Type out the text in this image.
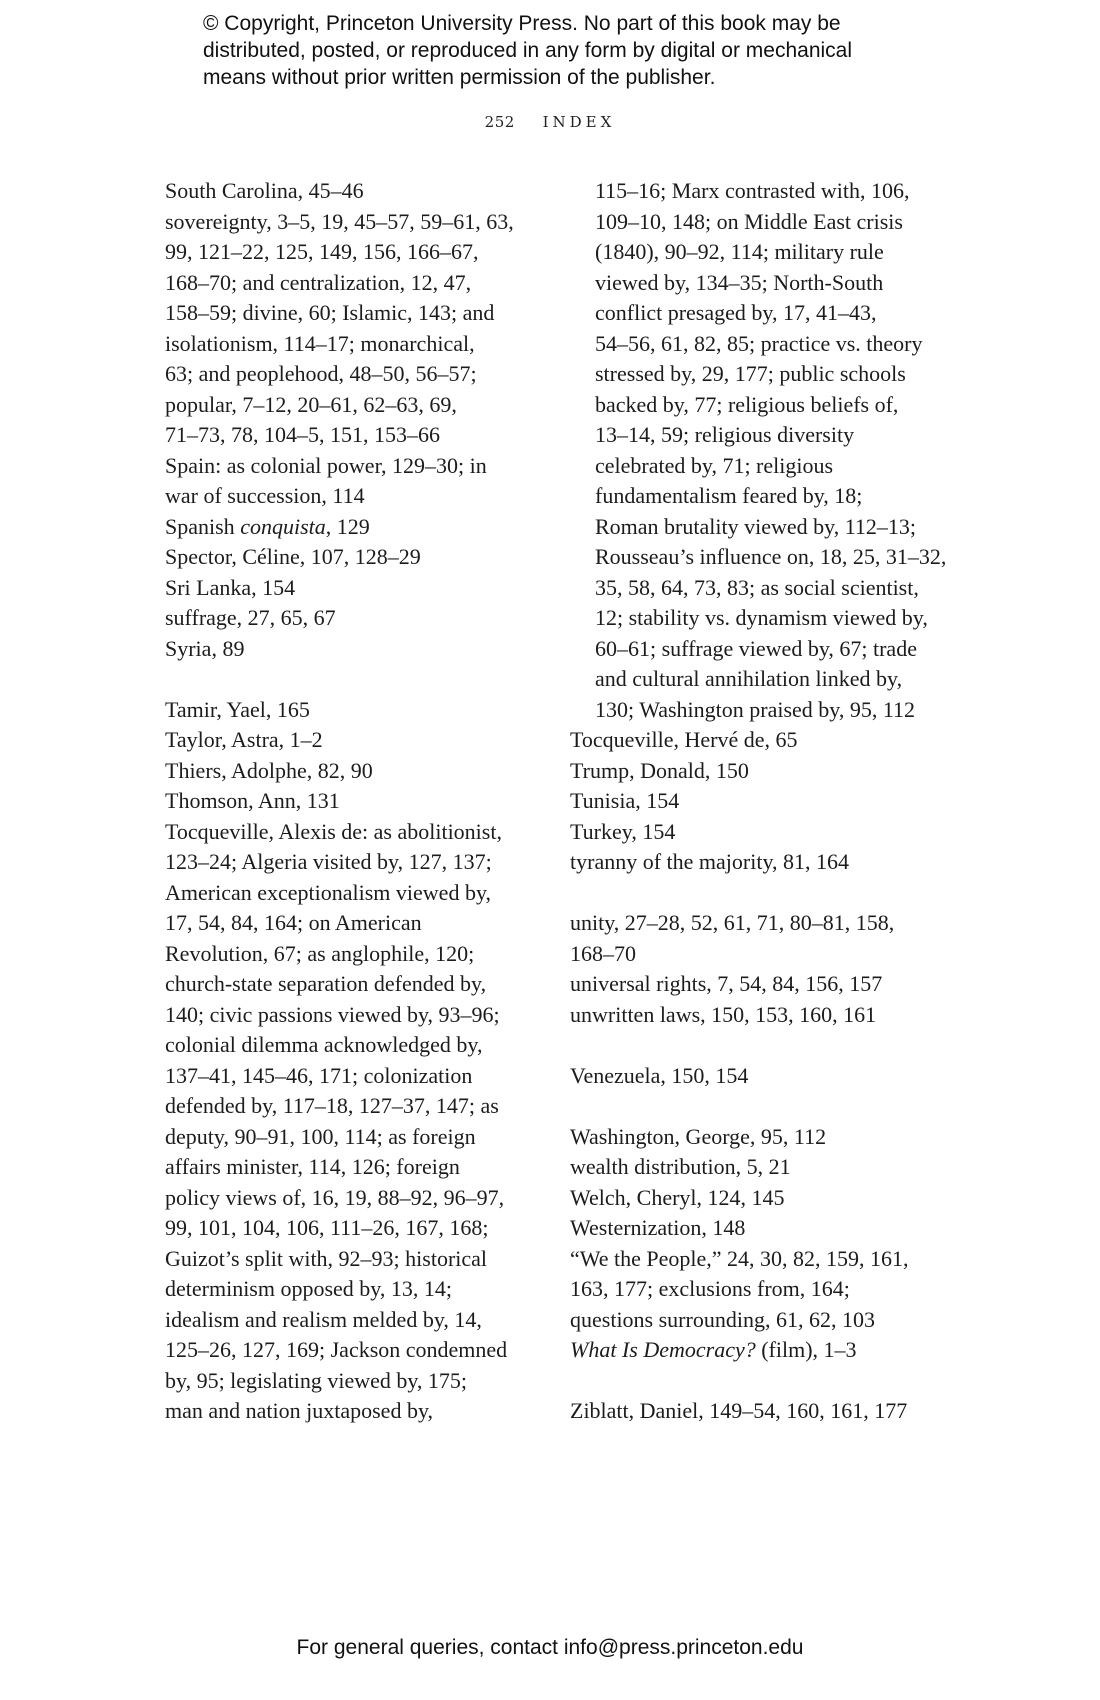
© Copyright, Princeton University Press. No part of this book may be
distributed, posted, or reproduced in any form by digital or mechanical
means without prior written permission of the publisher.
252 INDEX
South Carolina, 45–46
sovereignty, 3–5, 19, 45–57, 59–61, 63,
99, 121–22, 125, 149, 156, 166–67,
168–70; and centralization, 12, 47,
158–59; divine, 60; Islamic, 143; and
isolationism, 114–17; monarchical,
63; and peoplehood, 48–50, 56–57;
popular, 7–12, 20–61, 62–63, 69,
71–73, 78, 104–5, 151, 153–66
Spain: as colonial power, 129–30; in
war of succession, 114
Spanish conquista, 129
Spector, Céline, 107, 128–29
Sri Lanka, 154
suffrage, 27, 65, 67
Syria, 89
Tamir, Yael, 165
Taylor, Astra, 1–2
Thiers, Adolphe, 82, 90
Thomson, Ann, 131
Tocqueville, Alexis de: as abolitionist,
123–24; Algeria visited by, 127, 137;
American exceptionalism viewed by,
17, 54, 84, 164; on American
Revolution, 67; as anglophile, 120;
church-state separation defended by,
140; civic passions viewed by, 93–96;
colonial dilemma acknowledged by,
137–41, 145–46, 171; colonization
defended by, 117–18, 127–37, 147; as
deputy, 90–91, 100, 114; as foreign
affairs minister, 114, 126; foreign
policy views of, 16, 19, 88–92, 96–97,
99, 101, 104, 106, 111–26, 167, 168;
Guizot’s split with, 92–93; historical
determinism opposed by, 13, 14;
idealism and realism melded by, 14,
125–26, 127, 169; Jackson condemned
by, 95; legislating viewed by, 175;
man and nation juxtaposed by,
115–16; Marx contrasted with, 106,
109–10, 148; on Middle East crisis
(1840), 90–92, 114; military rule
viewed by, 134–35; North-South
conflict presaged by, 17, 41–43,
54–56, 61, 82, 85; practice vs. theory
stressed by, 29, 177; public schools
backed by, 77; religious beliefs of,
13–14, 59; religious diversity
celebrated by, 71; religious
fundamentalism feared by, 18;
Roman brutality viewed by, 112–13;
Rousseau’s influence on, 18, 25, 31–32,
35, 58, 64, 73, 83; as social scientist,
12; stability vs. dynamism viewed by,
60–61; suffrage viewed by, 67; trade
and cultural annihilation linked by,
130; Washington praised by, 95, 112
Tocqueville, Hervé de, 65
Trump, Donald, 150
Tunisia, 154
Turkey, 154
tyranny of the majority, 81, 164
unity, 27–28, 52, 61, 71, 80–81, 158,
168–70
universal rights, 7, 54, 84, 156, 157
unwritten laws, 150, 153, 160, 161
Venezuela, 150, 154
Washington, George, 95, 112
wealth distribution, 5, 21
Welch, Cheryl, 124, 145
Westernization, 148
“We the People,” 24, 30, 82, 159, 161,
163, 177; exclusions from, 164;
questions surrounding, 61, 62, 103
What Is Democracy? (film), 1–3
Ziblatt, Daniel, 149–54, 160, 161, 177
For general queries, contact info@press.princeton.edu
